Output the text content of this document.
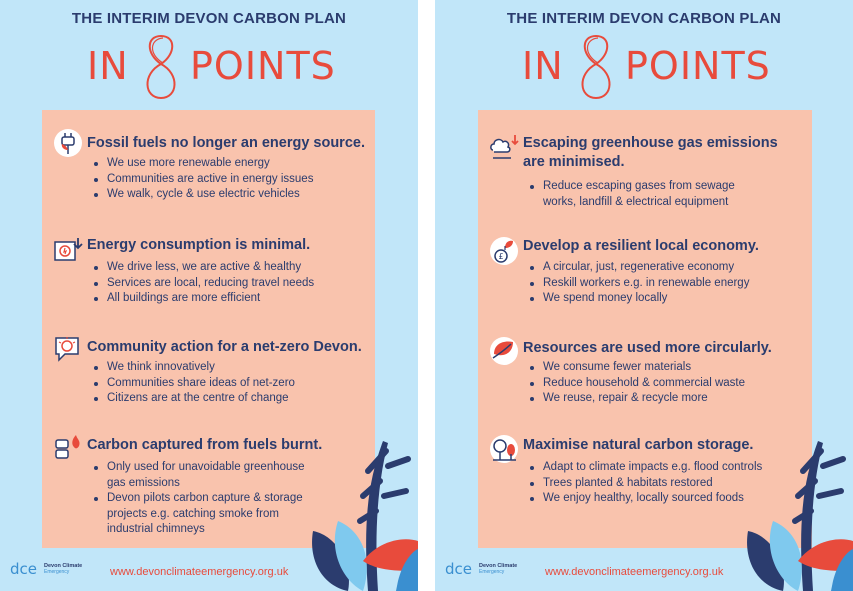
THE INTERIM DEVON CARBON PLAN
IN POINTS
Fossil fuels no longer an energy source.
We use more renewable energy
Communities are active in energy issues
We walk, cycle & use electric vehicles
Energy consumption is minimal.
We drive less, we are active & healthy
Services are local, reducing travel needs
All buildings are more efficient
Community action for a net-zero Devon.
We think innovatively
Communities share ideas of net-zero
Citizens are at the centre of change
Carbon captured from fuels burnt.
Only used for unavoidable greenhouse
gas emissions
Devon pilots carbon capture & storage
projects e.g. catching smoke from
industrial chimneys
dce Devon Climate
Emergency	www.devonclimateemergency.org.uk
THE INTERIM DEVON CARBON PLAN
IN POINTS
Escaping greenhouse gas emissions
are minimised.
Reduce escaping gases from sewage
works, landfill & electrical equipment
£
Develop a resilient local economy.
A circular, just, regenerative economy
Reskill workers e.g. in renewable energy
We spend money locally
Resources are used more circularly.
We consume fewer materials
Reduce household & commercial waste
We reuse, repair & recycle more
Maximise natural carbon storage.
Adapt to climate impacts e.g. flood controls
Trees planted & habitats restored
We enjoy healthy, locally sourced foods
dce Devon Climate
Emergency	www.devonclimateemergency.org.uk
